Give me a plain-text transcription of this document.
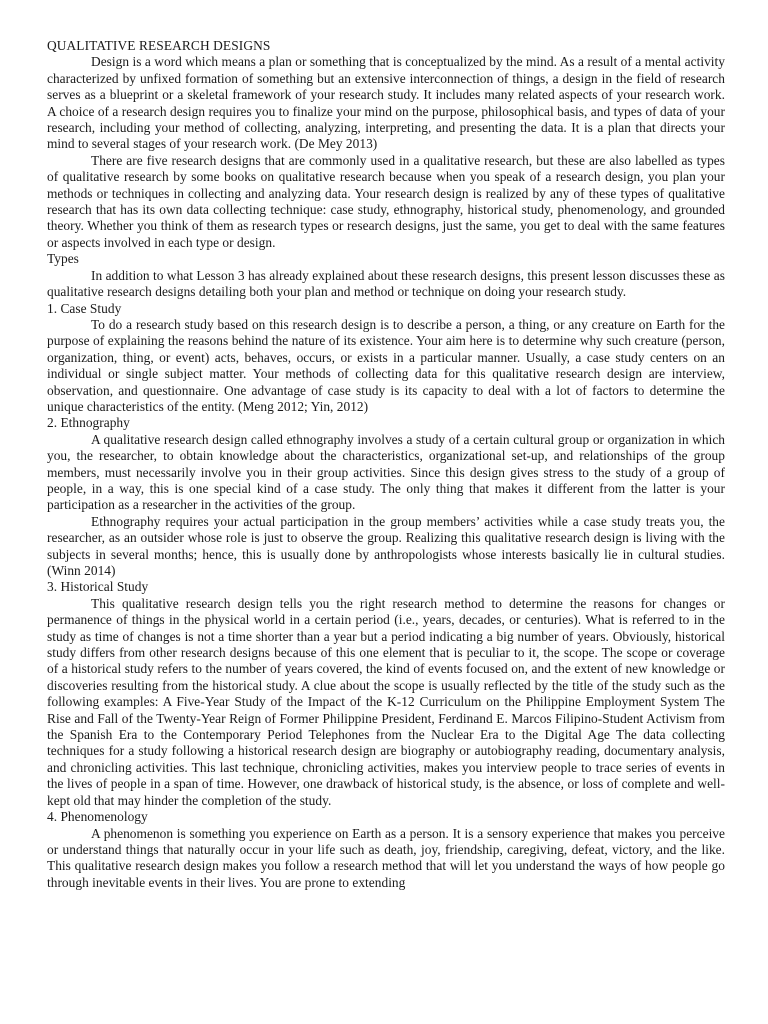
QUALITATIVE RESEARCH DESIGNS

Design is a word which means a plan or something that is conceptualized by the mind. As a result of a mental activity characterized by unfixed formation of something but an extensive interconnection of things, a design in the field of research serves as a blueprint or a skeletal framework of your research study. It includes many related aspects of your research work. A choice of a research design requires you to finalize your mind on the purpose, philosophical basis, and types of data of your research, including your method of collecting, analyzing, interpreting, and presenting the data. It is a plan that directs your mind to several stages of your research work. (De Mey 2013)

There are five research designs that are commonly used in a qualitative research, but these are also labelled as types of qualitative research by some books on qualitative research because when you speak of a research design, you plan your methods or techniques in collecting and analyzing data. Your research design is realized by any of these types of qualitative research that has its own data collecting technique: case study, ethnography, historical study, phenomenology, and grounded theory. Whether you think of them as research types or research designs, just the same, you get to deal with the same features or aspects involved in each type or design.

Types

In addition to what Lesson 3 has already explained about these research designs, this present lesson discusses these as qualitative research designs detailing both your plan and method or technique on doing your research study.

1. Case Study

To do a research study based on this research design is to describe a person, a thing, or any creature on Earth for the purpose of explaining the reasons behind the nature of its existence. Your aim here is to determine why such creature (person, organization, thing, or event) acts, behaves, occurs, or exists in a particular manner. Usually, a case study centers on an individual or single subject matter. Your methods of collecting data for this qualitative research design are interview, observation, and questionnaire. One advantage of case study is its capacity to deal with a lot of factors to determine the unique characteristics of the entity. (Meng 2012; Yin, 2012)

2. Ethnography

A qualitative research design called ethnography involves a study of a certain cultural group or organization in which you, the researcher, to obtain knowledge about the characteristics, organizational set-up, and relationships of the group members, must necessarily involve you in their group activities. Since this design gives stress to the study of a group of people, in a way, this is one special kind of a case study. The only thing that makes it different from the latter is your participation as a researcher in the activities of the group.

Ethnography requires your actual participation in the group members’ activities while a case study treats you, the researcher, as an outsider whose role is just to observe the group. Realizing this qualitative research design is living with the subjects in several months; hence, this is usually done by anthropologists whose interests basically lie in cultural studies. (Winn 2014)

3. Historical Study

This qualitative research design tells you the right research method to determine the reasons for changes or permanence of things in the physical world in a certain period (i.e., years, decades, or centuries). What is referred to in the study as time of changes is not a time shorter than a year but a period indicating a big number of years. Obviously, historical study differs from other research designs because of this one element that is peculiar to it, the scope. The scope or coverage of a historical study refers to the number of years covered, the kind of events focused on, and the extent of new knowledge or discoveries resulting from the historical study. A clue about the scope is usually reflected by the title of the study such as the following examples: A Five-Year Study of the Impact of the K-12 Curriculum on the Philippine Employment System The Rise and Fall of the Twenty-Year Reign of Former Philippine President, Ferdinand E. Marcos Filipino-Student Activism from the Spanish Era to the Contemporary Period Telephones from the Nuclear Era to the Digital Age The data collecting techniques for a study following a historical research design are biography or autobiography reading, documentary analysis, and chronicling activities. This last technique, chronicling activities, makes you interview people to trace series of events in the lives of people in a span of time. However, one drawback of historical study, is the absence, or loss of complete and well-kept old that may hinder the completion of the study.

4. Phenomenology

A phenomenon is something you experience on Earth as a person. It is a sensory experience that makes you perceive or understand things that naturally occur in your life such as death, joy, friendship, caregiving, defeat, victory, and the like. This qualitative research design makes you follow a research method that will let you understand the ways of how people go through inevitable events in their lives. You are prone to extending
